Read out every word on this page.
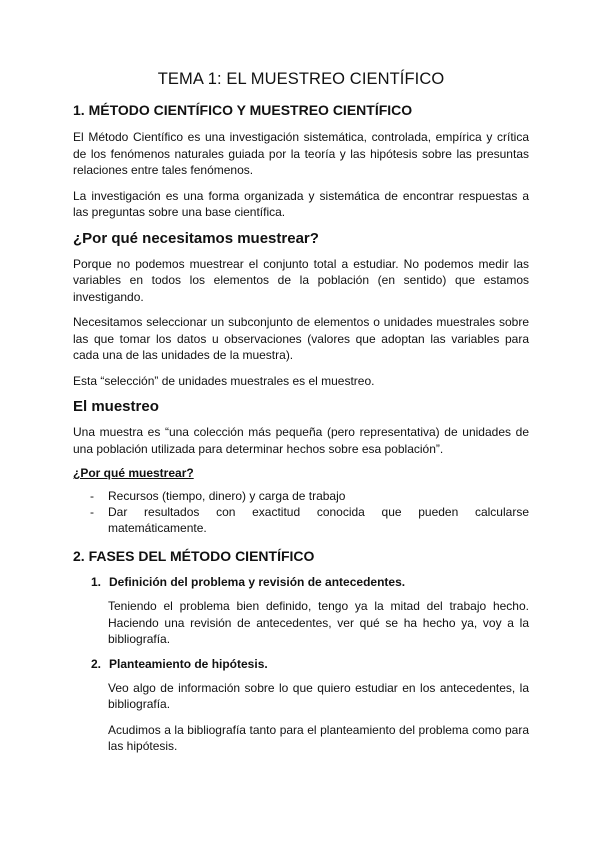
TEMA 1: EL MUESTREO CIENTÍFICO
1. MÉTODO CIENTÍFICO Y MUESTREO CIENTÍFICO

El Método Científico es una investigación sistemática, controlada, empírica y crítica de los fenómenos naturales guiada por la teoría y las hipótesis sobre las presuntas relaciones entre tales fenómenos.

La investigación es una forma organizada y sistemática de encontrar respuestas a las preguntas sobre una base científica.

¿Por qué necesitamos muestrear?

Porque no podemos muestrear el conjunto total a estudiar. No podemos medir las variables en todos los elementos de la población (en sentido) que estamos investigando.

Necesitamos seleccionar un subconjunto de elementos o unidades muestrales sobre las que tomar los datos u observaciones (valores que adoptan las variables para cada una de las unidades de la muestra).

Esta “selección” de unidades muestrales es el muestreo.

El muestreo

Una muestra es “una colección más pequeña (pero representativa) de unidades de una población utilizada para determinar hechos sobre esa población”.

¿Por qué muestrear?
- Recursos (tiempo, dinero) y carga de trabajo
- Dar resultados con exactitud conocida que pueden calcularse matemáticamente.
2. FASES DEL MÉTODO CIENTÍFICO
1. Definición del problema y revisión de antecedentes.

Teniendo el problema bien definido, tengo ya la mitad del trabajo hecho. Haciendo una revisión de antecedentes, ver qué se ha hecho ya, voy a la bibliografía.

2. Planteamiento de hipótesis.

Veo algo de información sobre lo que quiero estudiar en los antecedentes, la bibliografía.

Acudimos a la bibliografía tanto para el planteamiento del problema como para las hipótesis.
